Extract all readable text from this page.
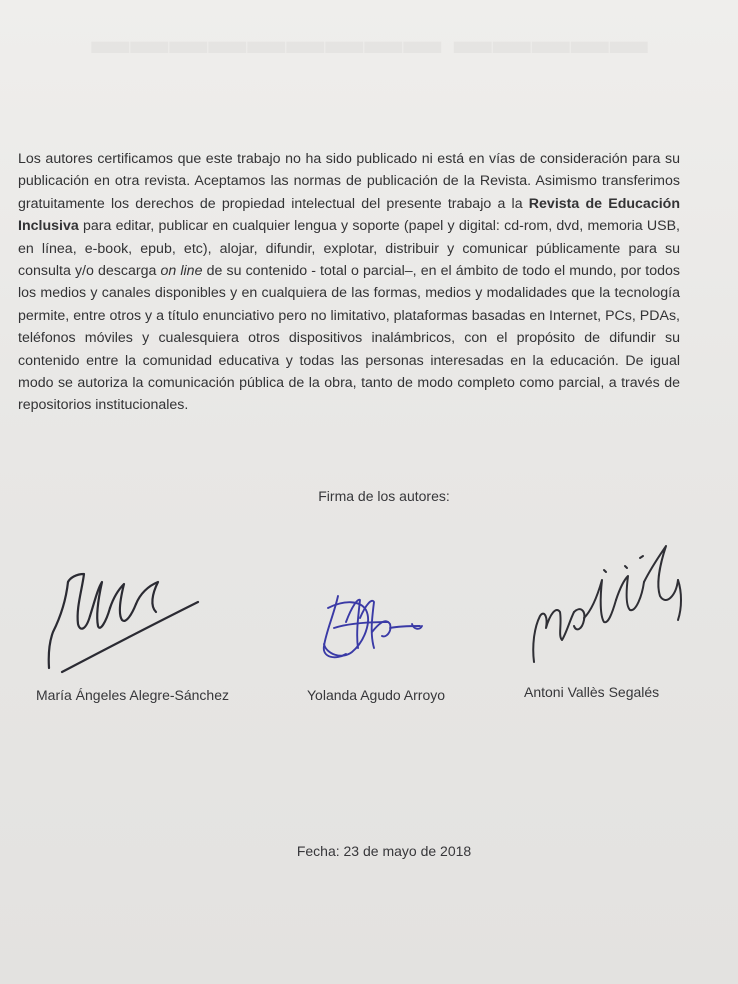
Los autores certificamos que este trabajo no ha sido publicado ni está en vías de consideración para su publicación en otra revista. Aceptamos las normas de publicación de la Revista. Asimismo transferimos gratuitamente los derechos de propiedad intelectual del presente trabajo a la Revista de Educación Inclusiva para editar, publicar en cualquier lengua y soporte (papel y digital: cd-rom, dvd, memoria USB, en línea, e-book, epub, etc), alojar, difundir, explotar, distribuir y comunicar públicamente para su consulta y/o descarga on line de su contenido - total o parcial–, en el ámbito de todo el mundo, por todos los medios y canales disponibles y en cualquiera de las formas, medios y modalidades que la tecnología permite, entre otros y a título enunciativo pero no limitativo, plataformas basadas en Internet, PCs, PDAs, teléfonos móviles y cualesquiera otros dispositivos inalámbricos, con el propósito de difundir su contenido entre la comunidad educativa y todas las personas interesadas en la educación. De igual modo se autoriza la comunicación pública de la obra, tanto de modo completo como parcial, a través de repositorios institucionales.
Firma de los autores:
María Ángeles Alegre-Sánchez	Yolanda Agudo Arroyo	Antoni Vallès Segalés
Fecha: 23 de mayo de 2018
